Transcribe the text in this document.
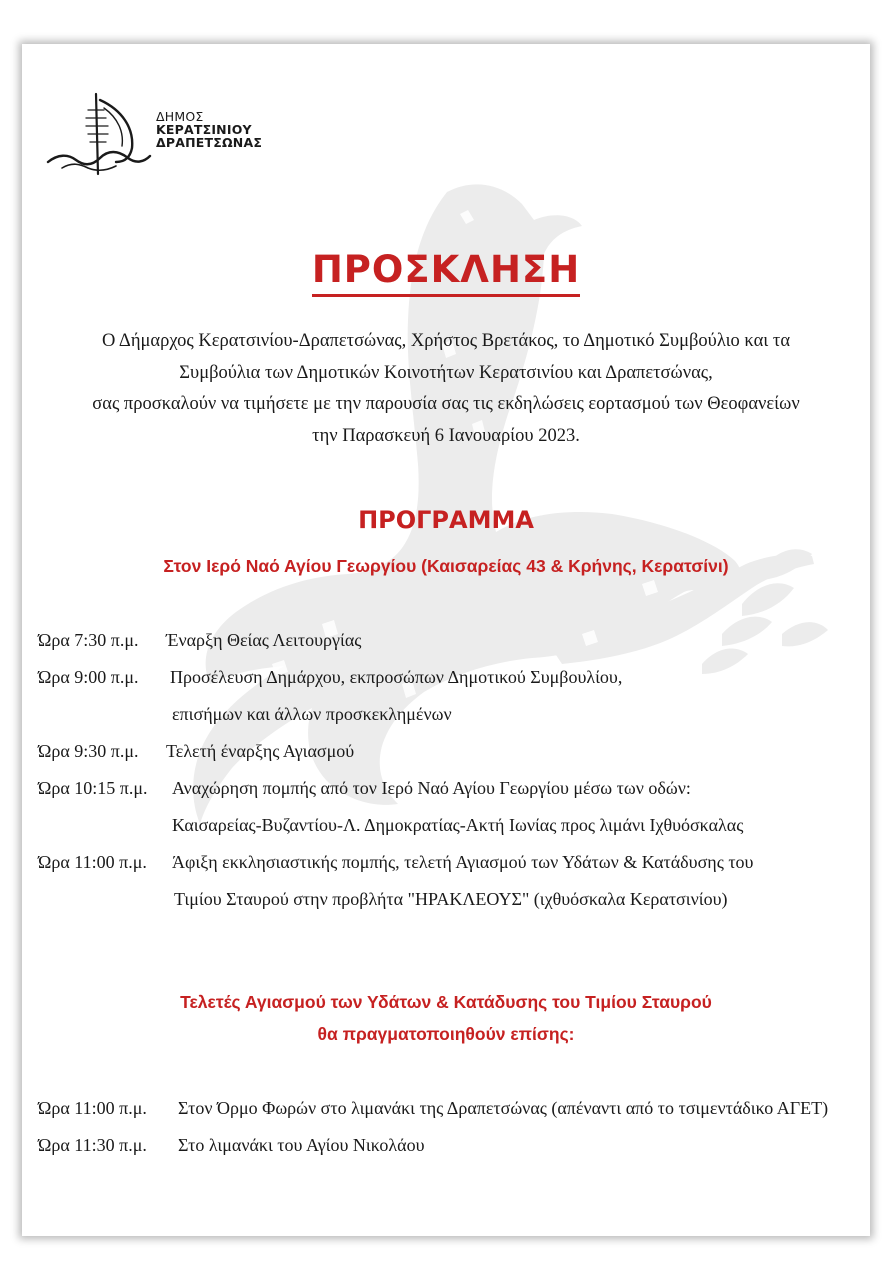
ΔΗΜΟΣ
ΚΕΡΑΤΣΙΝΙΟΥ
ΔΡΑΠΕΤΣΩΝΑΣ
ΠΡΟΣΚΛΗΣΗ
Ο Δήμαρχος Κερατσινίου-Δραπετσώνας, Χρήστος Βρετάκος, το Δημοτικό Συμβούλιο και τα
Συμβούλια των Δημοτικών Κοινοτήτων Κερατσινίου και Δραπετσώνας,
σας προσκαλούν να τιμήσετε με την παρουσία σας τις εκδηλώσεις εορτασμού των Θεοφανείων
την Παρασκευή 6 Ιανουαρίου 2023.
ΠΡΟΓΡΑΜΜΑ
Στον Ιερό Ναό Αγίου Γεωργίου (Καισαρείας 43 & Κρήνης, Κερατσίνι)
Ώρα 7:30 π.μ. Έναρξη Θείας Λειτουργίας
Ώρα 9:00 π.μ. Προσέλευση Δημάρχου, εκπροσώπων Δημοτικού Συμβουλίου,
επισήμων και άλλων προσκεκλημένων
Ώρα 9:30 π.μ. Τελετή έναρξης Αγιασμού
Ώρα 10:15 π.μ. Αναχώρηση πομπής από τον Ιερό Ναό Αγίου Γεωργίου μέσω των οδών:
Καισαρείας-Βυζαντίου-Λ. Δημοκρατίας-Ακτή Ιωνίας προς λιμάνι Ιχθυόσκαλας
Ώρα 11:00 π.μ. Άφιξη εκκλησιαστικής πομπής, τελετή Αγιασμού των Υδάτων & Κατάδυσης του
Τιμίου Σταυρού στην προβλήτα "ΗΡΑΚΛΕΟΥΣ" (ιχθυόσκαλα Κερατσινίου)
Τελετές Αγιασμού των Υδάτων & Κατάδυσης του Τιμίου Σταυρού
θα πραγματοποιηθούν επίσης:
Ώρα 11:00 π.μ. Στον Όρμο Φωρών στο λιμανάκι της Δραπετσώνας (απέναντι από το τσιμεντάδικο ΑΓΕΤ)
Ώρα 11:30 π.μ. Στο λιμανάκι του Αγίου Νικολάου
